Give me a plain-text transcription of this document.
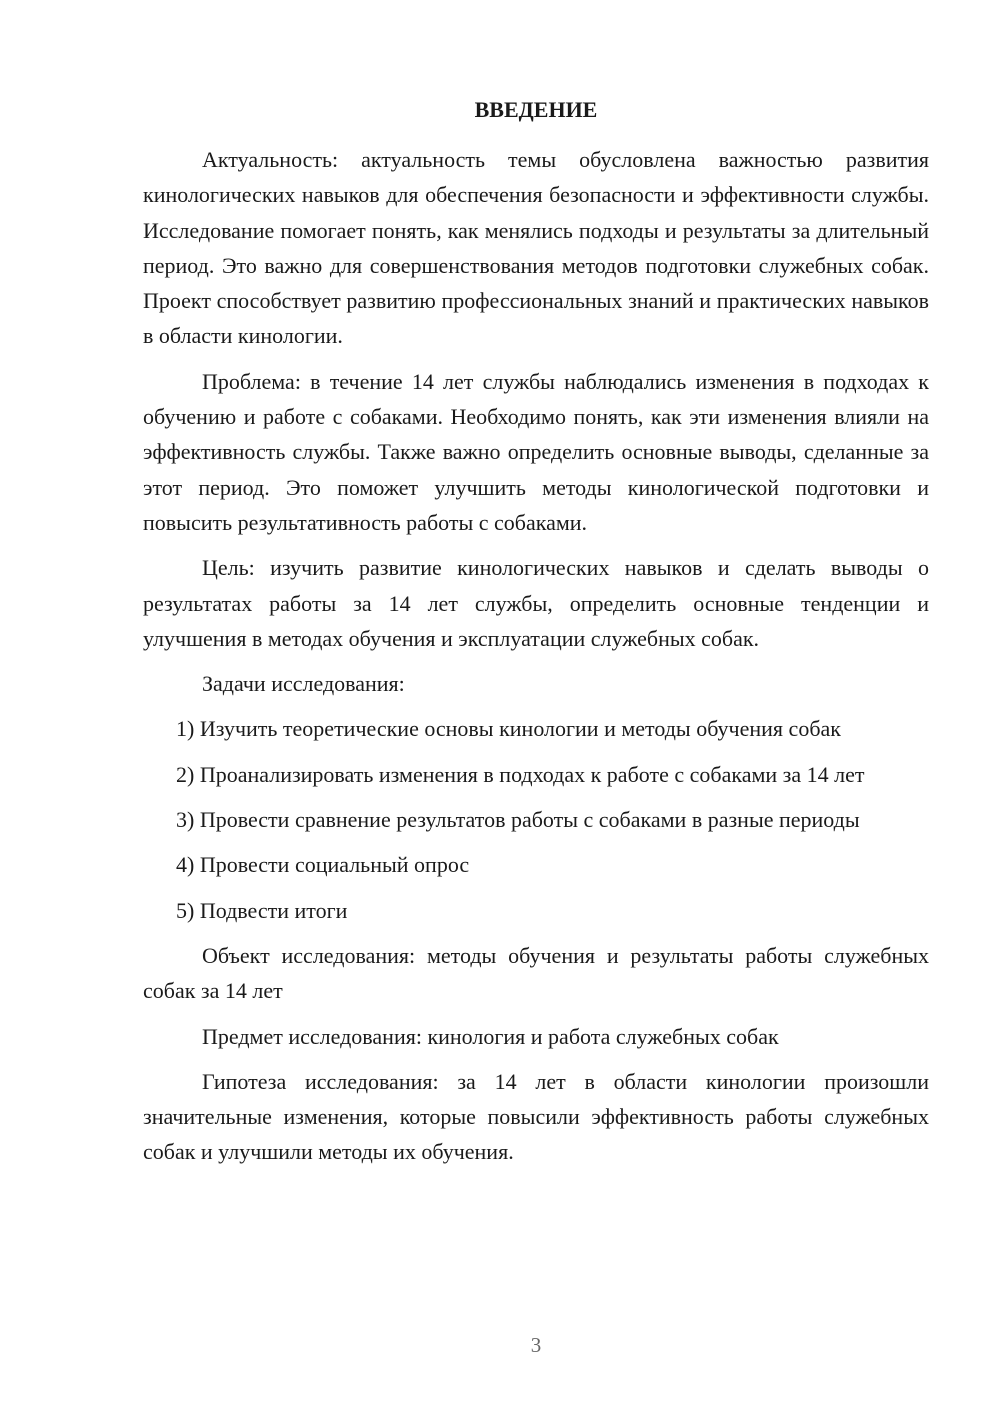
ВВЕДЕНИЕ

Актуальность: актуальность темы обусловлена важностью развития кинологических навыков для обеспечения безопасности и эффективности службы. Исследование помогает понять, как менялись подходы и результаты за длительный период. Это важно для совершенствования методов подготовки служебных собак. Проект способствует развитию профессиональных знаний и практических навыков в области кинологии.

Проблема: в течение 14 лет службы наблюдались изменения в подходах к обучению и работе с собаками. Необходимо понять, как эти изменения влияли на эффективность службы. Также важно определить основные выводы, сделанные за этот период. Это поможет улучшить методы кинологической подготовки и повысить результативность работы с собаками.

Цель: изучить развитие кинологических навыков и сделать выводы о результатах работы за 14 лет службы, определить основные тенденции и улучшения в методах обучения и эксплуатации служебных собак.

Задачи исследования:

1) Изучить теоретические основы кинологии и методы обучения собак

2) Проанализировать изменения в подходах к работе с собаками за 14 лет

3) Провести сравнение результатов работы с собаками в разные периоды

4) Провести социальный опрос

5) Подвести итоги

Объект исследования: методы обучения и результаты работы служебных собак за 14 лет

Предмет исследования: кинология и работа служебных собак

Гипотеза исследования: за 14 лет в области кинологии произошли значительные изменения, которые повысили эффективность работы служебных собак и улучшили методы их обучения.

3
